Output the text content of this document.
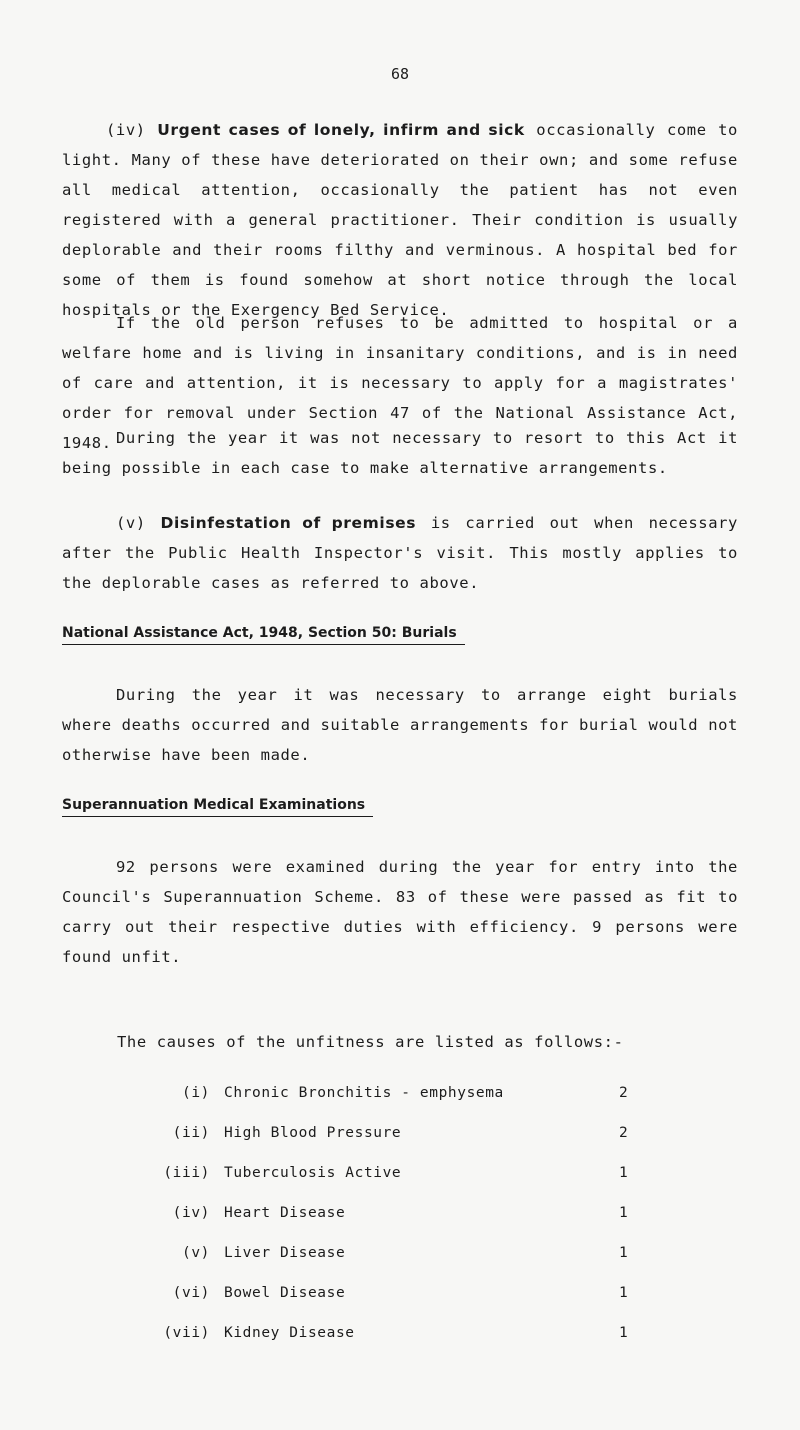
68

(iv) Urgent cases of lonely, infirm and sick occasionally come to light. Many of these have deteriorated on their own; and some refuse all medical attention, occasionally the patient has not even registered with a general practitioner. Their condition is usually deplorable and their rooms filthy and verminous. A hospital bed for some of them is found somehow at short notice through the local hospitals or the Exergency Bed Service.

If the old person refuses to be admitted to hospital or a welfare home and is living in insanitary conditions, and is in need of care and attention, it is necessary to apply for a magistrates' order for removal under Section 47 of the National Assistance Act, 1948. During the year it was not necessary to resort to this Act it being possible in each case to make alternative arrangements.

(v) Disinfestation of premises is carried out when necessary after the Public Health Inspector's visit. This mostly applies to the deplorable cases as referred to above.

National Assistance Act, 1948, Section 50: Burials

During the year it was necessary to arrange eight burials where deaths occurred and suitable arrangements for burial would not otherwise have been made.

Superannuation Medical Examinations

92 persons were examined during the year for entry into the Council's Superannuation Scheme. 83 of these were passed as fit to carry out their respective duties with efficiency. 9 persons were found unfit.

The causes of the unfitness are listed as follows:-
(i) Chronic Bronchitis - emphysema	2
(ii) High Blood Pressure	2
(iii) Tuberculosis Active	1
(iv) Heart Disease	1
(v) Liver Disease	1
(vi) Bowel Disease	1
(vii) Kidney Disease	1
